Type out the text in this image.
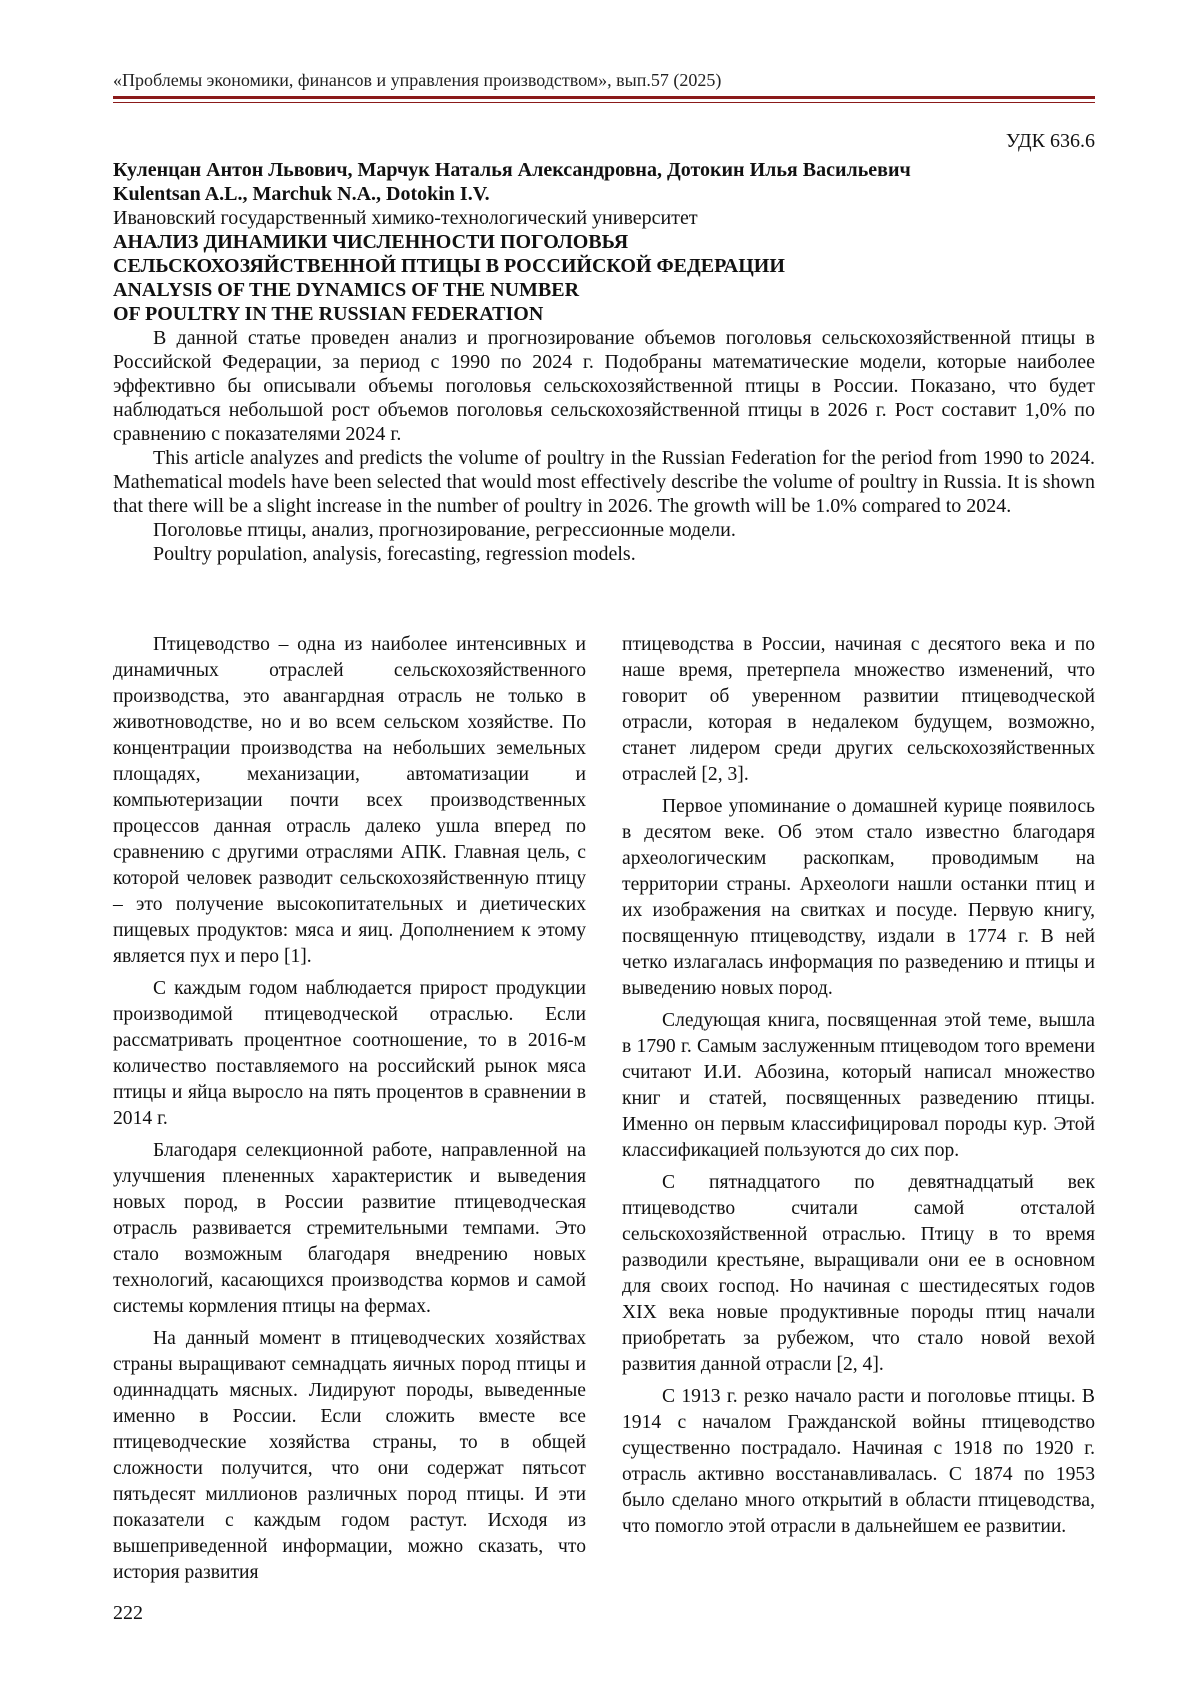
«Проблемы экономики, финансов и управления производством», вып.57 (2025)
УДК 636.6
Куленцан Антон Львович, Марчук Наталья Александровна, Дотокин Илья Васильевич
Kulentsan A.L., Marchuk N.A., Dotokin I.V.
Ивановский государственный химико-технологический университет
АНАЛИЗ ДИНАМИКИ ЧИСЛЕННОСТИ ПОГОЛОВЬЯ
СЕЛЬСКОХОЗЯЙСТВЕННОЙ ПТИЦЫ В РОССИЙСКОЙ ФЕДЕРАЦИИ
ANALYSIS OF THE DYNAMICS OF THE NUMBER
OF POULTRY IN THE RUSSIAN FEDERATION

В данной статье проведен анализ и прогнозирование объемов поголовья сельскохозяйственной птицы в Российской Федерации, за период с 1990 по 2024 г. Подобраны математические модели, которые наиболее эффективно бы описывали объемы поголовья сельскохозяйственной птицы в России. Показано, что будет наблюдаться небольшой рост объемов поголовья сельскохозяйственной птицы в 2026 г. Рост составит 1,0% по сравнению с показателями 2024 г.

This article analyzes and predicts the volume of poultry in the Russian Federation for the period from 1990 to 2024. Mathematical models have been selected that would most effectively describe the volume of poultry in Russia. It is shown that there will be a slight increase in the number of poultry in 2026. The growth will be 1.0% compared to 2024.

Поголовье птицы, анализ, прогнозирование, регрессионные модели.

Poultry population, analysis, forecasting, regression models.

Птицеводство – одна из наиболее интенсивных и динамичных отраслей сельскохозяйственного производства, это авангардная отрасль не только в животноводстве, но и во всем сельском хозяйстве. По концентрации производства на небольших земельных площадях, механизации, автоматизации и компьютеризации почти всех производственных процессов данная отрасль далеко ушла вперед по сравнению с другими отраслями АПК. Главная цель, с которой человек разводит сельскохозяйственную птицу – это получение высокопитательных и диетических пищевых продуктов: мяса и яиц. Дополнением к этому является пух и перо [1].

С каждым годом наблюдается прирост продукции производимой птицеводческой отраслью. Если рассматривать процентное соотношение, то в 2016-м количество поставляемого на российский рынок мяса птицы и яйца выросло на пять процентов в сравнении в 2014 г.

Благодаря селекционной работе, направленной на улучшения плененных характеристик и выведения новых пород, в России развитие птицеводческая отрасль развивается стремительными темпами. Это стало возможным благодаря внедрению новых технологий, касающихся производства кормов и самой системы кормления птицы на фермах.

На данный момент в птицеводческих хозяйствах страны выращивают семнадцать яичных пород птицы и одиннадцать мясных. Лидируют породы, выведенные именно в России. Если сложить вместе все птицеводческие хозяйства страны, то в общей сложности получится, что они содержат пятьсот пятьдесят миллионов различных пород птицы. И эти показатели с каждым годом растут. Исходя из вышеприведенной информации, можно сказать, что история развития

птицеводства в России, начиная с десятого века и по наше время, претерпела множество изменений, что говорит об уверенном развитии птицеводческой отрасли, которая в недалеком будущем, возможно, станет лидером среди других сельскохозяйственных отраслей [2, 3].

Первое упоминание о домашней курице появилось в десятом веке. Об этом стало известно благодаря археологическим раскопкам, проводимым на территории страны. Археологи нашли останки птиц и их изображения на свитках и посуде. Первую книгу, посвященную птицеводству, издали в 1774 г. В ней четко излагалась информация по разведению и птицы и выведению новых пород.

Следующая книга, посвященная этой теме, вышла в 1790 г. Самым заслуженным птицеводом того времени считают И.И. Абозина, который написал множество книг и статей, посвященных разведению птицы. Именно он первым классифицировал породы кур. Этой классификацией пользуются до сих пор.

С пятнадцатого по девятнадцатый век птицеводство считали самой отсталой сельскохозяйственной отраслью. Птицу в то время разводили крестьяне, выращивали они ее в основном для своих господ. Но начиная с шестидесятых годов XIX века новые продуктивные породы птиц начали приобретать за рубежом, что стало новой вехой развития данной отрасли [2, 4].

С 1913 г. резко начало расти и поголовье птицы. В 1914 с началом Гражданской войны птицеводство существенно пострадало. Начиная с 1918 по 1920 г. отрасль активно восстанавливалась. С 1874 по 1953 было сделано много открытий в области птицеводства, что помогло этой отрасли в дальнейшем ее развитии.

222
